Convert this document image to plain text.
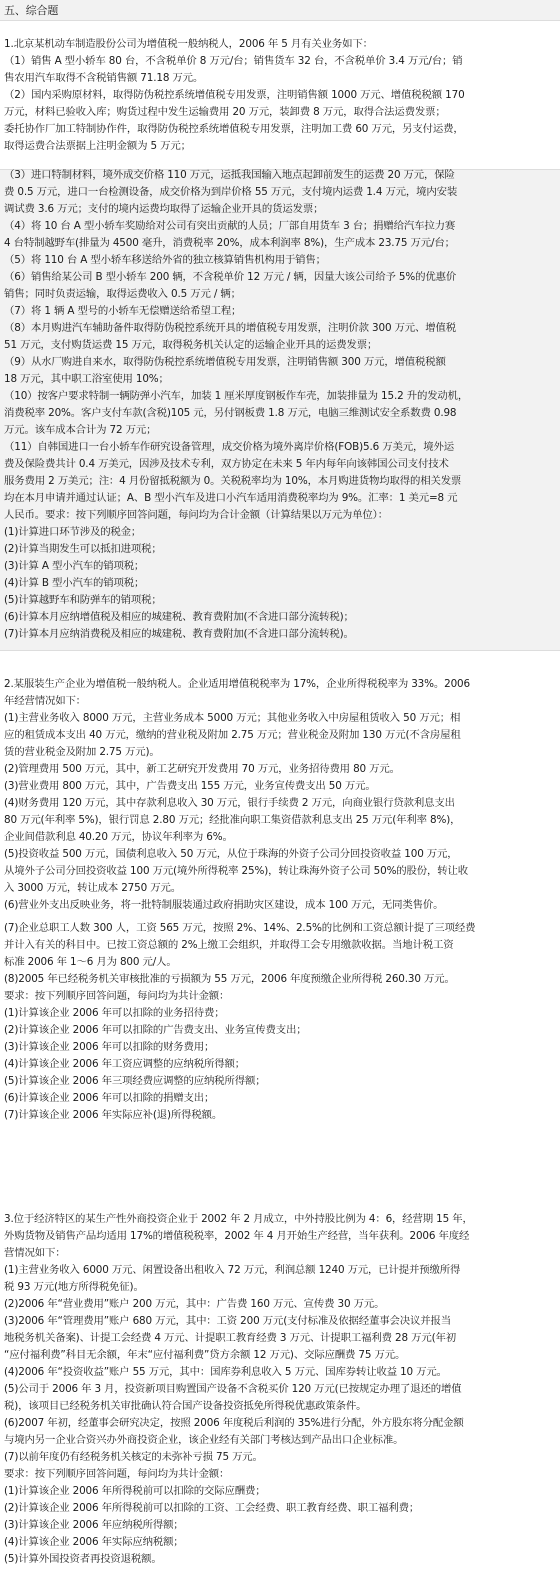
五、综合题
1.北京某机动车制造股份公司为增值税一般纳税人，2006 年 5 月有关业务如下：
（1）销售 A 型小轿车 80 台，不含税单价 8 万元/台；销售货车 32 台，不含税单价 3.4 万元/台；销
售农用汽车取得不含税销售额 71.18 万元。
（2）国内采购原材料，取得防伪税控系统增值税专用发票，注明销售额 1000 万元、增值税税额 170
万元，材料已验收入库；购货过程中发生运输费用 20 万元，装卸费 8 万元，取得合法运费发票；
委托协作厂加工特制协作件，取得防伪税控系统增值税专用发票，注明加工费 60 万元，另支付运费，
取得运费合法票据上注明金额为 5 万元；
（3）进口特制材料，境外成交价格 110 万元，运抵我国输入地点起卸前发生的运费 20 万元，保险
费 0.5 万元，进口一台检测设备，成交价格为到岸价格 55 万元，支付境内运费 1.4 万元，境内安装
调试费 3.6 万元；支付的境内运费均取得了运输企业开具的货运发票；
（4）将 10 台 A 型小轿车奖励给对公司有突出贡献的人员；厂部自用货车 3 台；捐赠给汽车拉力赛
4 台特制越野车(排量为 4500 毫升，消费税率 20%，成本利润率 8%)，生产成本 23.75 万元/台；
（5）将 110 台 A 型小轿车移送给外省的独立核算销售机构用于销售；
（6）销售给某公司 B 型小轿车 200 辆，不含税单价 12 万元 / 辆，因量大该公司给予 5%的优惠价
销售；同时负责运输，取得运费收入 0.5 万元 / 辆；
（7）将 1 辆 A 型号的小轿车无偿赠送给希望工程；
（8）本月购进汽车辅助备件取得防伪税控系统开具的增值税专用发票，注明价款 300 万元、增值税
51 万元，支付购货运费 15 万元，取得税务机关认定的运输企业开具的运费发票；
（9）从水厂购进自来水，取得防伪税控系统增值税专用发票，注明销售额 300 万元，增值税税额
18 万元，其中职工浴室使用 10%；
（10）按客户要求特制一辆防弹小汽车，加装 1 厘米厚度钢板作车壳，加装排量为 15.2 升的发动机，
消费税率 20%。客户支付车款(含税)105 元，另付钢板费 1.8 万元，电脑三维测试安全系数费 0.98
万元。该车成本合计为 72 万元；
（11）自韩国进口一台小轿车作研究设备管理，成交价格为境外离岸价格(FOB)5.6 万美元，境外运
费及保险费共计 0.4 万美元，因涉及技术专利，双方协定在未来 5 年内每年向该韩国公司支付技术
服务费用 2 万美元；注：4 月份留抵税额为 0。关税税率均为 10%，本月购进货物均取得的相关发票
均在本月申请并通过认证；A、B 型小汽车及进口小汽车适用消费税率均为 9%。汇率：1 美元=8 元
人民币。要求：按下列顺序回答问题，每问均为合计金额（计算结果以万元为单位）：
(1)计算进口环节涉及的税金；
(2)计算当期发生可以抵扣进项税；
(3)计算 A 型小汽车的销项税；
(4)计算 B 型小汽车的销项税；
(5)计算越野车和防弹车的销项税；
(6)计算本月应纳增值税及相应的城建税、教育费附加(不含进口部分流转税)；
(7)计算本月应纳消费税及相应的城建税、教育费附加(不含进口部分流转税)。
2.某服装生产企业为增值税一般纳税人。企业适用增值税税率为 17%，企业所得税税率为 33%。2006
年经营情况如下：
(1)主营业务收入 8000 万元，主营业务成本 5000 万元；其他业务收入中房屋租赁收入 50 万元；相
应的租赁成本支出 40 万元，缴纳的营业税及附加 2.75 万元；营业税金及附加 130 万元(不含房屋租
赁的营业税金及附加 2.75 万元)。
(2)管理费用 500 万元，其中，新工艺研究开发费用 70 万元，业务招待费用 80 万元。
(3)营业费用 800 万元，其中，广告费支出 155 万元，业务宣传费支出 50 万元。
(4)财务费用 120 万元，其中存款利息收入 30 万元，银行手续费 2 万元，向商业银行贷款利息支出
80 万元(年利率 5%)，银行罚息 2.80 万元；经批准向职工集资借款利息支出 25 万元(年利率 8%)，
企业间借款利息 40.20 万元，协议年利率为 6%。
(5)投资收益 500 万元，国债利息收入 50 万元，从位于珠海的外资子公司分回投资收益 100 万元，
从境外子公司分回投资收益 100 万元(境外所得税率 25%)，转让珠海外资子公司 50%的股份，转让收
入 3000 万元，转让成本 2750 万元。
(6)营业外支出反映业务，将一批特制服装通过政府捐助灾区建设，成本 100 万元，无同类售价。
(7)企业总职工人数 300 人，工资 565 万元，按照 2%、14%、2.5%的比例和工资总额计提了三项经费
并计入有关的科目中。已按工资总额的 2%上缴工会组织，并取得工会专用缴款收据。当地计税工资
标准 2006 年 1～6 月为 800 元/人。
(8)2005 年已经税务机关审核批准的亏损额为 55 万元，2006 年度预缴企业所得税 260.30 万元。
要求：按下列顺序回答问题，每问均为共计金额：
(1)计算该企业 2006 年可以扣除的业务招待费；
(2)计算该企业 2006 年可以扣除的广告费支出、业务宣传费支出；
(3)计算该企业 2006 年可以扣除的财务费用；
(4)计算该企业 2006 年工资应调整的应纳税所得额；
(5)计算该企业 2006 年三项经费应调整的应纳税所得额；
(6)计算该企业 2006 年可以扣除的捐赠支出；
(7)计算该企业 2006 年实际应补(退)所得税额。
3.位于经济特区的某生产性外商投资企业于 2002 年 2 月成立，中外持股比例为 4：6，经营期 15 年，
外购货物及销售产品均适用 17%的增值税税率，2002 年 4 月开始生产经营，当年获利。2006 年度经
营情况如下：
(1)主营业务收入 6000 万元、闲置设备出租收入 72 万元，利润总额 1240 万元，已计提并预缴所得
税 93 万元(地方所得税免征)。
(2)2006 年“营业费用”账户 200 万元，其中：广告费 160 万元、宣传费 30 万元。
(3)2006 年“管理费用”账户 680 万元，其中：工资 200 万元(支付标准及依据经董事会决议并报当
地税务机关备案)、计提工会经费 4 万元、计提职工教育经费 3 万元、计提职工福利费 28 万元(年初
“应付福利费”科目无余额，年末“应付福利费”贷方余额 12 万元)、交际应酬费 75 万元。
(4)2006 年“投资收益”账户 55 万元，其中：国库券利息收入 5 万元、国库券转让收益 10 万元。
(5)公司于 2006 年 3 月，投资新项目购置国产设备不含税买价 120 万元(已按规定办理了退还的增值
税)，该项目已经税务机关审批确认符合国产设备投资抵免所得税优惠政策条件。
(6)2007 年初，经董事会研究决定，按照 2006 年度税后利润的 35%进行分配，外方股东将分配金额
与境内另一企业合资兴办外商投资企业，该企业经有关部门考核达到产品出口企业标准。
(7)以前年度仍有经税务机关核定的未弥补亏损 75 万元。
要求：按下列顺序回答问题，每问均为共计金额：
(1)计算该企业 2006 年所得税前可以扣除的交际应酬费；
(2)计算该企业 2006 年所得税前可以扣除的工资、工会经费、职工教育经费、职工福利费；
(3)计算该企业 2006 年应纳税所得额；
(4)计算该企业 2006 年实际应纳税额；
(5)计算外国投资者再投资退税额。
